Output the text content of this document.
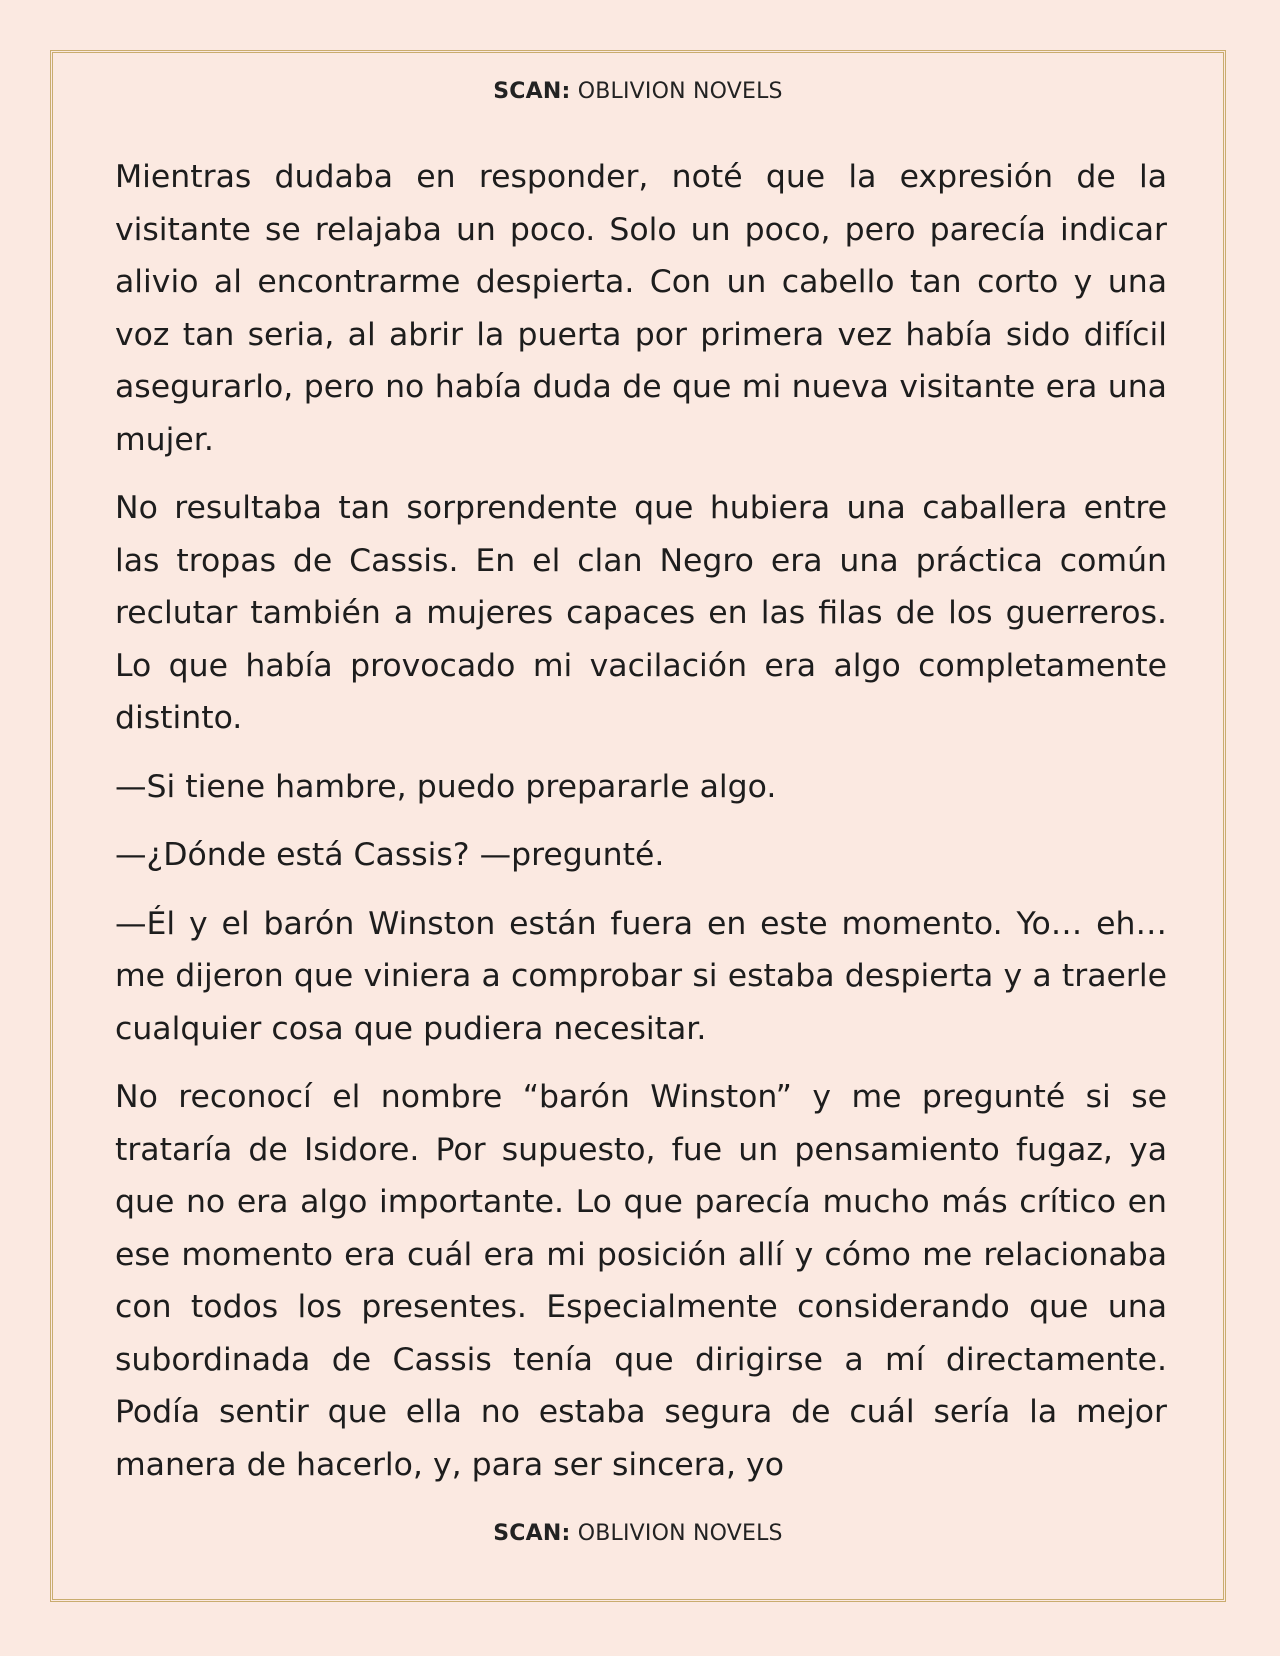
SCAN: OBLIVION NOVELS

Mientras dudaba en responder, noté que la expresión de la visitante se relajaba un poco. Solo un poco, pero parecía indicar alivio al encontrarme despierta. Con un cabello tan corto y una voz tan seria, al abrir la puerta por primera vez había sido difícil asegurarlo, pero no había duda de que mi nueva visitante era una mujer.

No resultaba tan sorprendente que hubiera una caballera entre las tropas de Cassis. En el clan Negro era una práctica común reclutar también a mujeres capaces en las filas de los guerreros. Lo que había provocado mi vacilación era algo completamente distinto.

—Si tiene hambre, puedo prepararle algo.

—¿Dónde está Cassis? —pregunté.

—Él y el barón Winston están fuera en este momento. Yo… eh… me dijeron que viniera a comprobar si estaba despierta y a traerle cualquier cosa que pudiera necesitar.

No reconocí el nombre “barón Winston” y me pregunté si se trataría de Isidore. Por supuesto, fue un pensamiento fugaz, ya que no era algo importante. Lo que parecía mucho más crítico en ese momento era cuál era mi posición allí y cómo me relacionaba con todos los presentes. Especialmente considerando que una subordinada de Cassis tenía que dirigirse a mí directamente. Podía sentir que ella no estaba segura de cuál sería la mejor manera de hacerlo, y, para ser sincera, yo

SCAN: OBLIVION NOVELS
